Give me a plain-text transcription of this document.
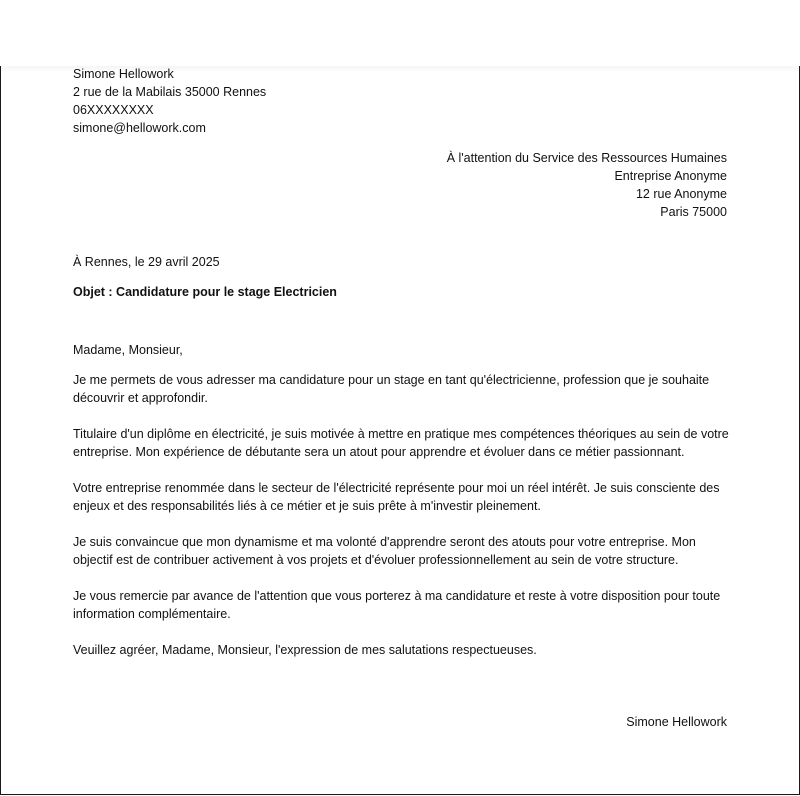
Simone Hellowork
2 rue de la Mabilais 35000 Rennes
06XXXXXXXX
simone@hellowork.com
À l'attention du Service des Ressources Humaines
Entreprise Anonyme
12 rue Anonyme
Paris 75000
À Rennes, le 29 avril 2025
Objet : Candidature pour le stage Electricien

Madame, Monsieur,

Je me permets de vous adresser ma candidature pour un stage en tant qu'électricienne, profession que je souhaite découvrir et approfondir.

Titulaire d'un diplôme en électricité, je suis motivée à mettre en pratique mes compétences théoriques au sein de votre entreprise. Mon expérience de débutante sera un atout pour apprendre et évoluer dans ce métier passionnant.

Votre entreprise renommée dans le secteur de l'électricité représente pour moi un réel intérêt. Je suis consciente des enjeux et des responsabilités liés à ce métier et je suis prête à m'investir pleinement.

Je suis convaincue que mon dynamisme et ma volonté d'apprendre seront des atouts pour votre entreprise. Mon objectif est de contribuer activement à vos projets et d'évoluer professionnellement au sein de votre structure.

Je vous remercie par avance de l'attention que vous porterez à ma candidature et reste à votre disposition pour toute information complémentaire.

Veuillez agréer, Madame, Monsieur, l'expression de mes salutations respectueuses.

Simone Hellowork
